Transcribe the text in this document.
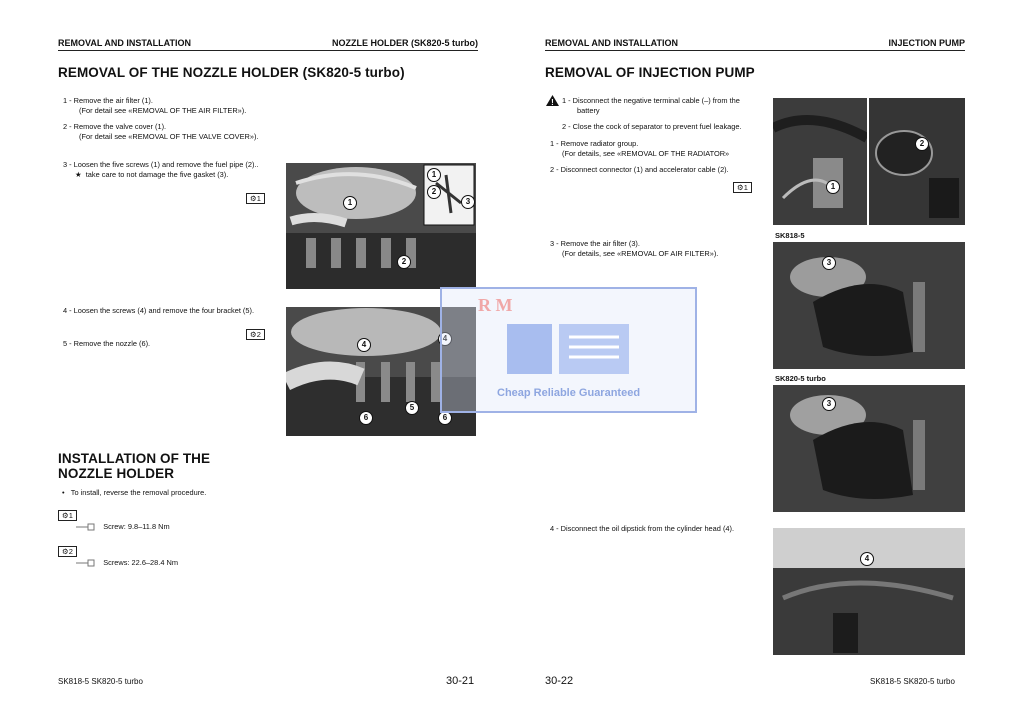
REMOVAL AND INSTALLATION	NOZZLE HOLDER (SK820-5 turbo)
REMOVAL OF THE NOZZLE HOLDER (SK820-5 turbo)
1 - Remove the air filter (1).
(For detail see «REMOVAL OF THE AIR FILTER»).
2 - Remove the valve cover (1).
(For detail see «REMOVAL OF THE VALVE COVER»).
3 - Loosen the five screws (1) and remove the fuel pipe (2)..
★ take care to not damage the five gasket (3).
⚙1
4 - Loosen the screws (4) and remove the four bracket (5).
⚙2
5 - Remove the nozzle (6).
1
2
1
2
3
4
4
5
6	6
INSTALLATION OF THE
NOZZLE HOLDER
• To install, reverse the removal procedure.
⚙1
Screw: 9.8–11.8 Nm
⚙2
Screws: 22.6–28.4 Nm
SK818-5 SK820-5 turbo	30-21
REMOVAL AND INSTALLATION	INJECTION PUMP
REMOVAL OF INJECTION PUMP
! 1 - Disconnect the negative terminal cable (–) from the
battery
2 - Close the cock of separator to prevent fuel leakage.
1 - Remove radiator group.
(For details, see «REMOVAL OF THE RADIATOR»
2 - Disconnect connector (1) and accelerator cable (2).
⚙1
3 - Remove the air filter (3).
(For details, see «REMOVAL OF AIR FILTER»).
4 - Disconnect the oil dipstick from the cylinder head (4).
1
2
SK818-5
3
SK820-5 turbo
3
4
SK818-5 SK820-5 turbo
30-22
R M
Cheap Reliable Guaranteed
